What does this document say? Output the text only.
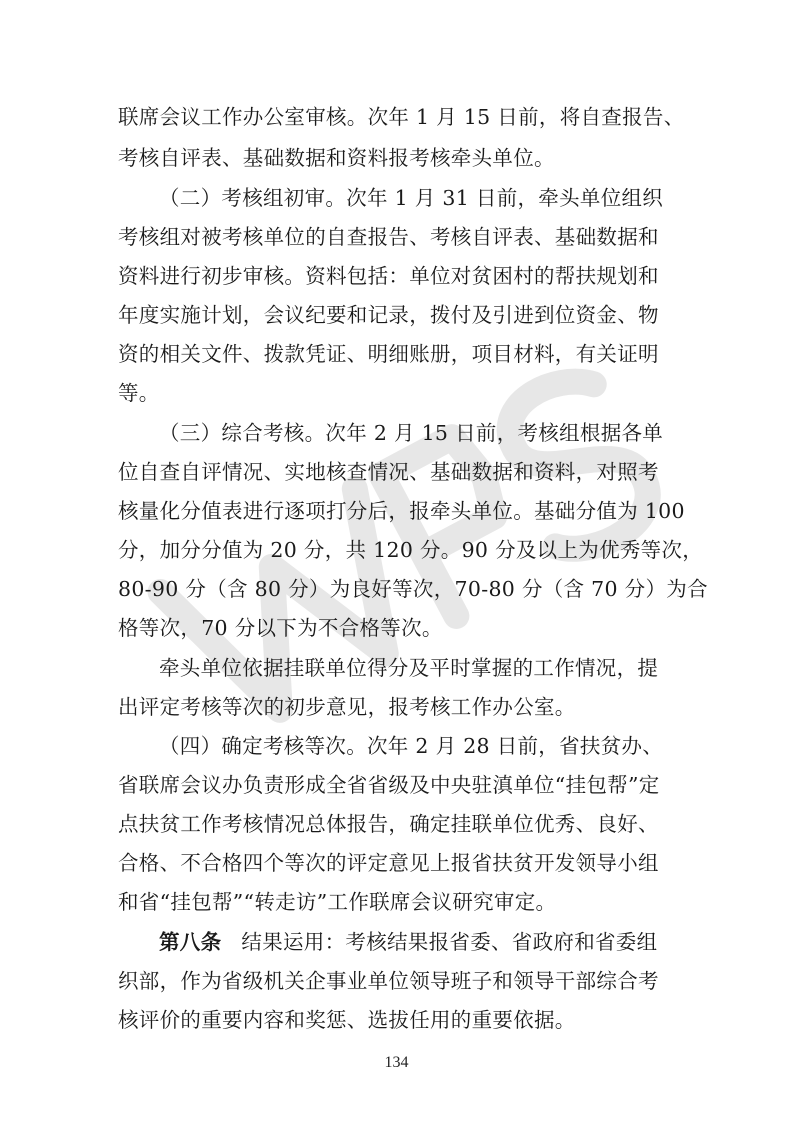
联席会议工作办公室审核。次年 1 月 15 日前，将自查报告、
考核自评表、基础数据和资料报考核牵头单位。
（二）考核组初审。次年 1 月 31 日前，牵头单位组织
考核组对被考核单位的自查报告、考核自评表、基础数据和
资料进行初步审核。资料包括：单位对贫困村的帮扶规划和
年度实施计划，会议纪要和记录，拨付及引进到位资金、物
资的相关文件、拨款凭证、明细账册，项目材料，有关证明
等。
（三）综合考核。次年 2 月 15 日前，考核组根据各单
位自查自评情况、实地核查情况、基础数据和资料，对照考
核量化分值表进行逐项打分后，报牵头单位。基础分值为 100
分，加分分值为 20 分，共 120 分。90 分及以上为优秀等次，
80-90 分（含 80 分）为良好等次，70-80 分（含 70 分）为合
格等次，70 分以下为不合格等次。
牵头单位依据挂联单位得分及平时掌握的工作情况，提
出评定考核等次的初步意见，报考核工作办公室。
（四）确定考核等次。次年 2 月 28 日前，省扶贫办、
省联席会议办负责形成全省省级及中央驻滇单位“挂包帮”定
点扶贫工作考核情况总体报告，确定挂联单位优秀、良好、
合格、不合格四个等次的评定意见上报省扶贫开发领导小组
和省“挂包帮”“转走访”工作联席会议研究审定。
第八条 结果运用：考核结果报省委、省政府和省委组
织部，作为省级机关企事业单位领导班子和领导干部综合考
核评价的重要内容和奖惩、选拔任用的重要依据。
134
